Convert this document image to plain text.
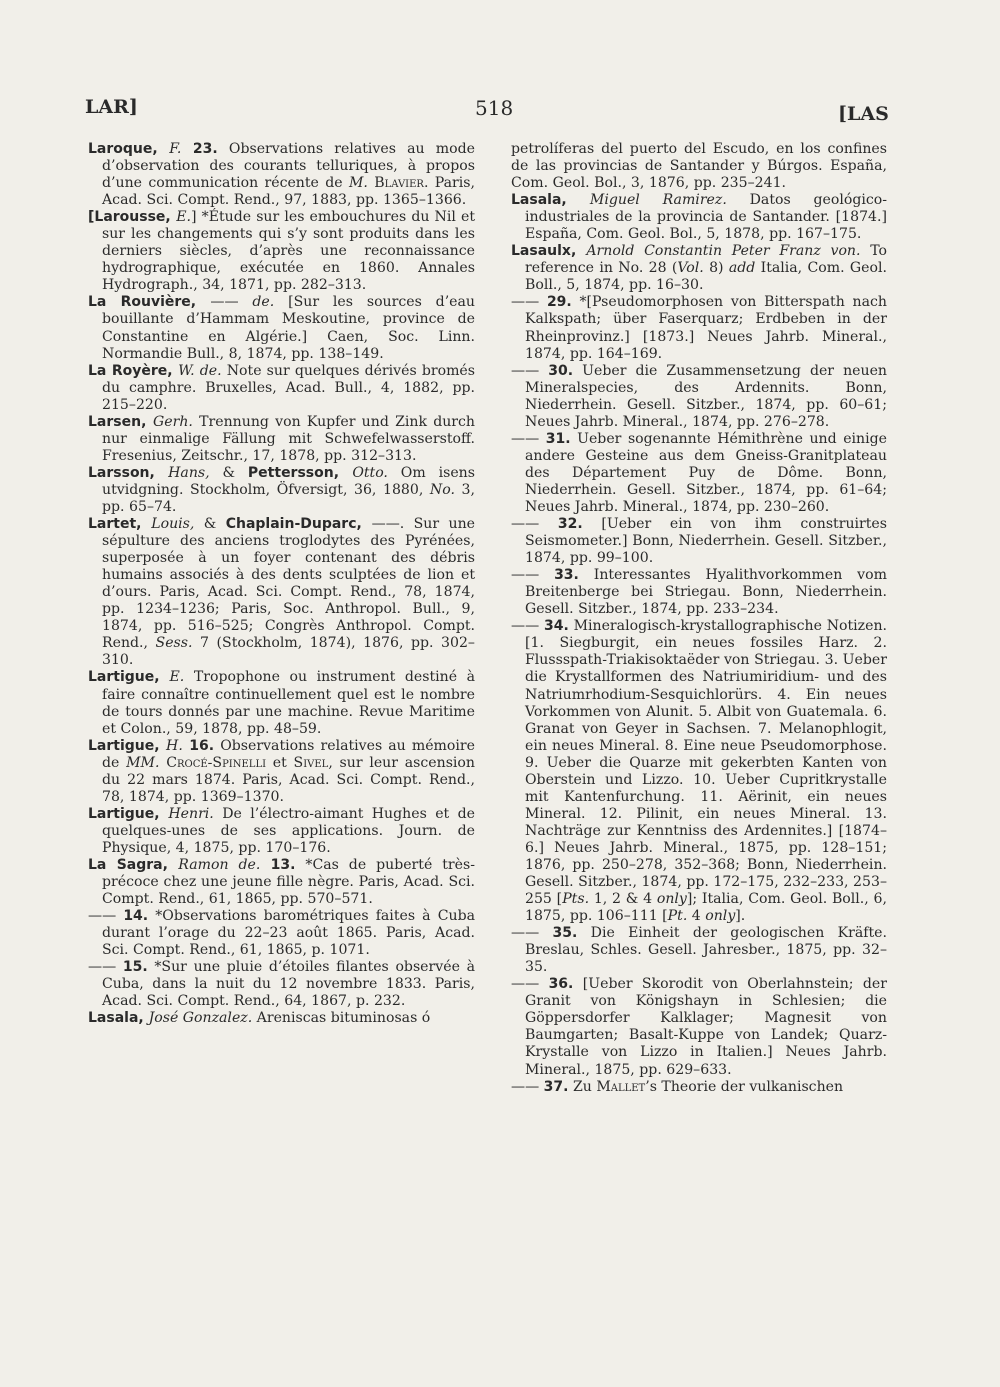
LAR]	518	[LAS

Laroque, F. 23. Observations relatives au mode d’observation des courants telluriques, à propos d’une communication récente de M. Blavier. Paris, Acad. Sci. Compt. Rend., 97, 1883, pp. 1365–1366.

[Larousse, E.] *Étude sur les embouchures du Nil et sur les changements qui s’y sont produits dans les derniers siècles, d’après une reconnaissance hydrographique, exécutée en 1860. Annales Hydrograph., 34, 1871, pp. 282–313.

La Rouvière, —— de. [Sur les sources d’eau bouillante d’Hammam Meskoutine, province de Constantine en Algérie.] Caen, Soc. Linn. Normandie Bull., 8, 1874, pp. 138–149.

La Royère, W. de. Note sur quelques dérivés bromés du camphre. Bruxelles, Acad. Bull., 4, 1882, pp. 215–220.

Larsen, Gerh. Trennung von Kupfer und Zink durch nur einmalige Fällung mit Schwefelwasserstoff. Fresenius, Zeitschr., 17, 1878, pp. 312–313.

Larsson, Hans, & Pettersson, Otto. Om isens utvidgning. Stockholm, Öfversigt, 36, 1880, No. 3, pp. 65–74.

Lartet, Louis, & Chaplain-Duparc, ——. Sur une sépulture des anciens troglodytes des Pyrénées, superposée à un foyer contenant des débris humains associés à des dents sculptées de lion et d’ours. Paris, Acad. Sci. Compt. Rend., 78, 1874, pp. 1234–1236; Paris, Soc. Anthropol. Bull., 9, 1874, pp. 516–525; Congrès Anthropol. Compt. Rend., Sess. 7 (Stockholm, 1874), 1876, pp. 302–310.

Lartigue, E. Tropophone ou instrument destiné à faire connaître continuellement quel est le nombre de tours donnés par une machine. Revue Maritime et Colon., 59, 1878, pp. 48–59.

Lartigue, H. 16. Observations relatives au mémoire de MM. Crocé-Spinelli et Sivel, sur leur ascension du 22 mars 1874. Paris, Acad. Sci. Compt. Rend., 78, 1874, pp. 1369–1370.

Lartigue, Henri. De l’électro-aimant Hughes et de quelques-unes de ses applications. Journ. de Physique, 4, 1875, pp. 170–176.

La Sagra, Ramon de. 13. *Cas de puberté très-précoce chez une jeune fille nègre. Paris, Acad. Sci. Compt. Rend., 61, 1865, pp. 570–571.

—— 14. *Observations barométriques faites à Cuba durant l’orage du 22–23 août 1865. Paris, Acad. Sci. Compt. Rend., 61, 1865, p. 1071.

—— 15. *Sur une pluie d’étoiles filantes observée à Cuba, dans la nuit du 12 novembre 1833. Paris, Acad. Sci. Compt. Rend., 64, 1867, p. 232.

Lasala, José Gonzalez. Areniscas bituminosas ó

petrolíferas del puerto del Escudo, en los confines de las provincias de Santander y Búrgos. España, Com. Geol. Bol., 3, 1876, pp. 235–241.

Lasala, Miguel Ramirez. Datos geológico-industriales de la provincia de Santander. [1874.] España, Com. Geol. Bol., 5, 1878, pp. 167–175.

Lasaulx, Arnold Constantin Peter Franz von. To reference in No. 28 (Vol. 8) add Italia, Com. Geol. Boll., 5, 1874, pp. 16–30.

—— 29. *[Pseudomorphosen von Bitterspath nach Kalkspath; über Faserquarz; Erdbeben in der Rheinprovinz.] [1873.] Neues Jahrb. Mineral., 1874, pp. 164–169.

—— 30. Ueber die Zusammensetzung der neuen Mineralspecies, des Ardennits. Bonn, Niederrhein. Gesell. Sitzber., 1874, pp. 60–61; Neues Jahrb. Mineral., 1874, pp. 276–278.

—— 31. Ueber sogenannte Hémithrène und einige andere Gesteine aus dem Gneiss-Granitplateau des Département Puy de Dôme. Bonn, Niederrhein. Gesell. Sitzber., 1874, pp. 61–64; Neues Jahrb. Mineral., 1874, pp. 230–260.

—— 32. [Ueber ein von ihm construirtes Seismometer.] Bonn, Niederrhein. Gesell. Sitzber., 1874, pp. 99–100.

—— 33. Interessantes Hyalithvorkommen vom Breitenberge bei Striegau. Bonn, Niederrhein. Gesell. Sitzber., 1874, pp. 233–234.

—— 34. Mineralogisch-krystallographische Notizen. [1. Siegburgit, ein neues fossiles Harz. 2. Flussspath-Triakisoktaëder von Striegau. 3. Ueber die Krystallformen des Natriumiridium- und des Natriumrhodium-Sesquichlorürs. 4. Ein neues Vorkommen von Alunit. 5. Albit von Guatemala. 6. Granat von Geyer in Sachsen. 7. Melanophlogit, ein neues Mineral. 8. Eine neue Pseudomorphose. 9. Ueber die Quarze mit gekerbten Kanten von Oberstein und Lizzo. 10. Ueber Cupritkrystalle mit Kantenfurchung. 11. Aërinit, ein neues Mineral. 12. Pilinit, ein neues Mineral. 13. Nachträge zur Kenntniss des Ardennites.] [1874–6.] Neues Jahrb. Mineral., 1875, pp. 128–151; 1876, pp. 250–278, 352–368; Bonn, Niederrhein. Gesell. Sitzber., 1874, pp. 172–175, 232–233, 253–255 [Pts. 1, 2 & 4 only]; Italia, Com. Geol. Boll., 6, 1875, pp. 106–111 [Pt. 4 only].

—— 35. Die Einheit der geologischen Kräfte. Breslau, Schles. Gesell. Jahresber., 1875, pp. 32–35.

—— 36. [Ueber Skorodit von Oberlahnstein; der Granit von Königshayn in Schlesien; die Göppersdorfer Kalklager; Magnesit von Baumgarten; Basalt-Kuppe von Landek; Quarz-Krystalle von Lizzo in Italien.] Neues Jahrb. Mineral., 1875, pp. 629–633.

—— 37. Zu Mallet’s Theorie der vulkanischen
